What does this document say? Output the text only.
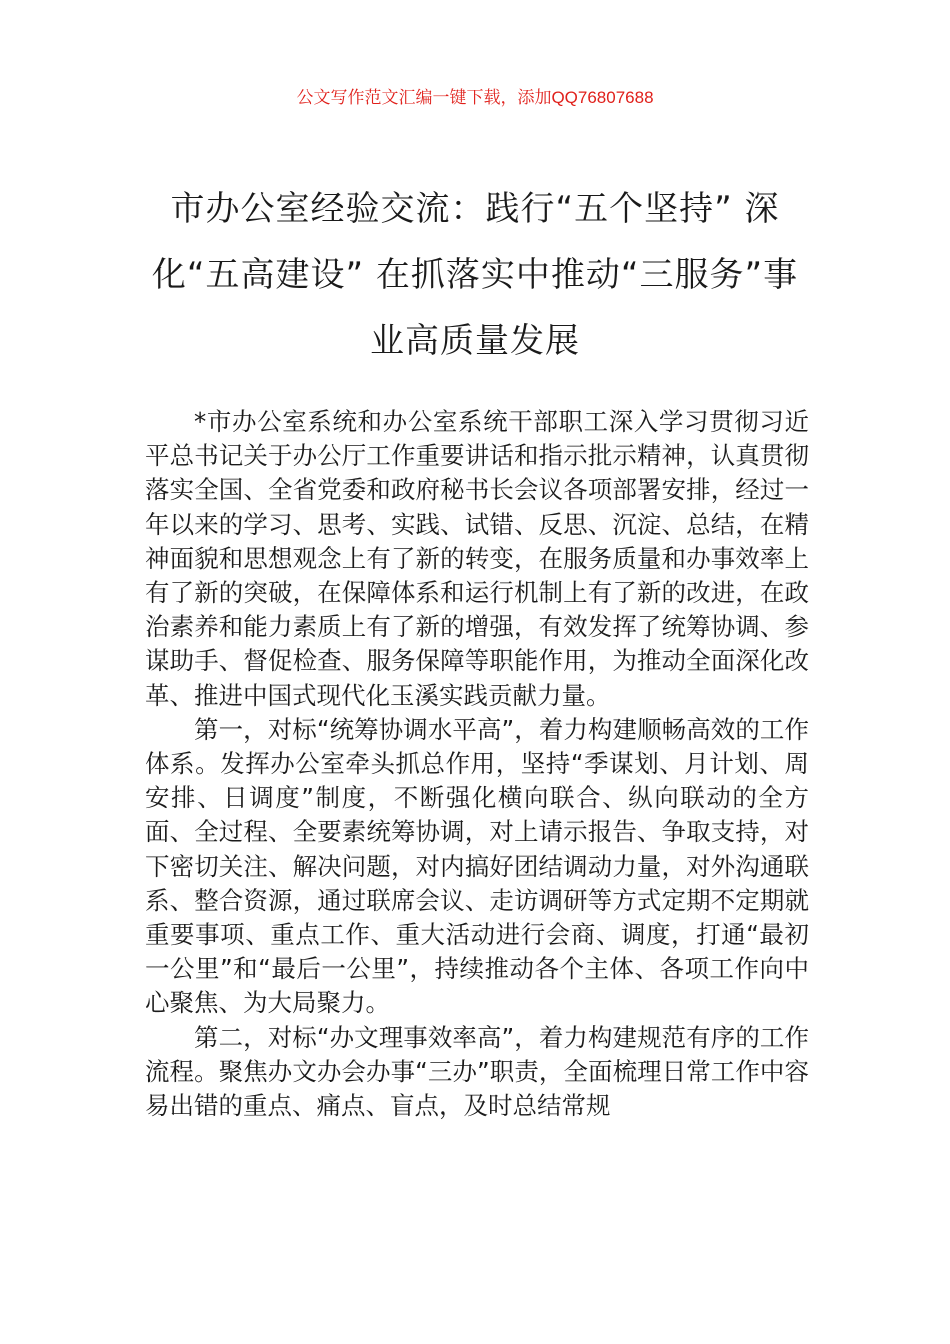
公文写作范文汇编一键下载，添加QQ76807688
市办公室经验交流：践行“五个坚持” 深化“五高建设” 在抓落实中推动“三服务”事业高质量发展

*市办公室系统和办公室系统干部职工深入学习贯彻习近平总书记关于办公厅工作重要讲话和指示批示精神，认真贯彻落实全国、全省党委和政府秘书长会议各项部署安排，经过一年以来的学习、思考、实践、试错、反思、沉淀、总结，在精神面貌和思想观念上有了新的转变，在服务质量和办事效率上有了新的突破，在保障体系和运行机制上有了新的改进，在政治素养和能力素质上有了新的增强，有效发挥了统筹协调、参谋助手、督促检查、服务保障等职能作用，为推动全面深化改革、推进中国式现代化玉溪实践贡献力量。

第一，对标“统筹协调水平高”，着力构建顺畅高效的工作体系。发挥办公室牵头抓总作用，坚持“季谋划、月计划、周安排、日调度”制度，不断强化横向联合、纵向联动的全方面、全过程、全要素统筹协调，对上请示报告、争取支持，对下密切关注、解决问题，对内搞好团结调动力量，对外沟通联系、整合资源，通过联席会议、走访调研等方式定期不定期就重要事项、重点工作、重大活动进行会商、调度，打通“最初一公里”和“最后一公里”，持续推动各个主体、各项工作向中心聚焦、为大局聚力。

第二，对标“办文理事效率高”，着力构建规范有序的工作流程。聚焦办文办会办事“三办”职责，全面梳理日常工作中容易出错的重点、痛点、盲点，及时总结常规
